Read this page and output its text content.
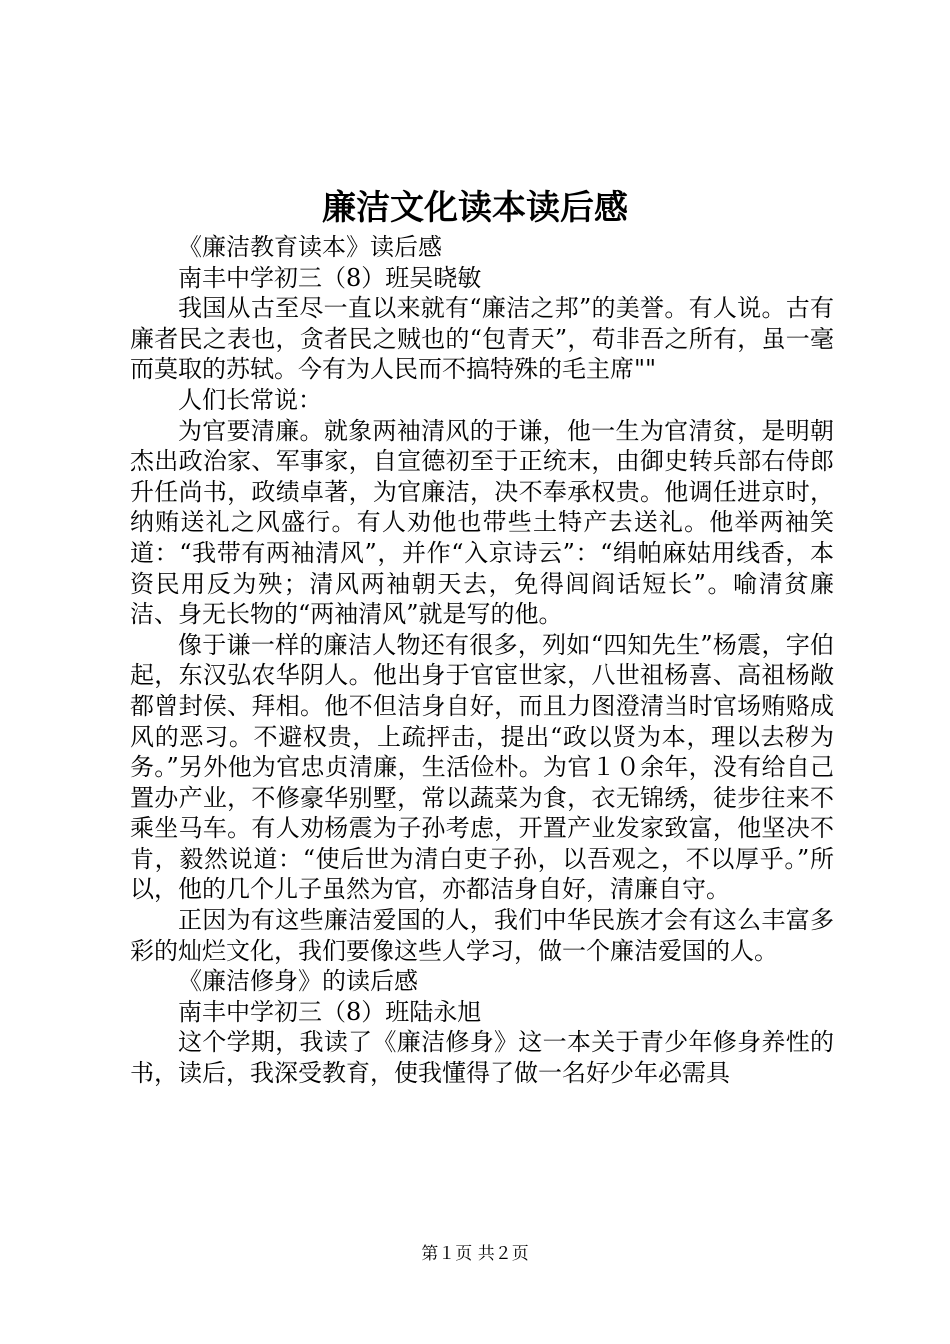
廉洁文化读本读后感

《廉洁教育读本》读后感

南丰中学初三（8）班吴晓敏

我国从古至尽一直以来就有“廉洁之邦”的美誉。有人说。古有廉者民之表也，贪者民之贼也的“包青天”，苟非吾之所有，虽一毫而莫取的苏轼。今有为人民而不搞特殊的毛主席""

人们长常说：

为官要清廉。就象两袖清风的于谦，他一生为官清贫，是明朝杰出政治家、军事家，自宣德初至于正统末，由御史转兵部右侍郎升任尚书，政绩卓著，为官廉洁，决不奉承权贵。他调任进京时，纳贿送礼之风盛行。有人劝他也带些土特产去送礼。他举两袖笑道：“我带有两袖清风”，并作“入京诗云”：“绢帕麻姑用线香，本资民用反为殃；清风两袖朝天去，免得闾阎话短长”。喻清贫廉洁、身无长物的“两袖清风”就是写的他。

像于谦一样的廉洁人物还有很多，列如“四知先生”杨震，字伯起，东汉弘农华阴人。他出身于官宦世家，八世祖杨喜、高祖杨敞都曾封侯、拜相。他不但洁身自好，而且力图澄清当时官场贿赂成风的恶习。不避权贵，上疏抨击，提出“政以贤为本，理以去秽为务。”另外他为官忠贞清廉，生活俭朴。为官１０余年，没有给自己置办产业，不修豪华别墅，常以蔬菜为食，衣无锦绣，徒步往来不乘坐马车。有人劝杨震为子孙考虑，开置产业发家致富，他坚决不肯，毅然说道：“使后世为清白吏子孙，以吾观之，不以厚乎。”所以，他的几个儿子虽然为官，亦都洁身自好，清廉自守。

正因为有这些廉洁爱国的人，我们中华民族才会有这么丰富多彩的灿烂文化，我们要像这些人学习，做一个廉洁爱国的人。

《廉洁修身》的读后感

南丰中学初三（8）班陆永旭

这个学期，我读了《廉洁修身》这一本关于青少年修身养性的书，读后，我深受教育，使我懂得了做一名好少年必需具

第１页 共２页
